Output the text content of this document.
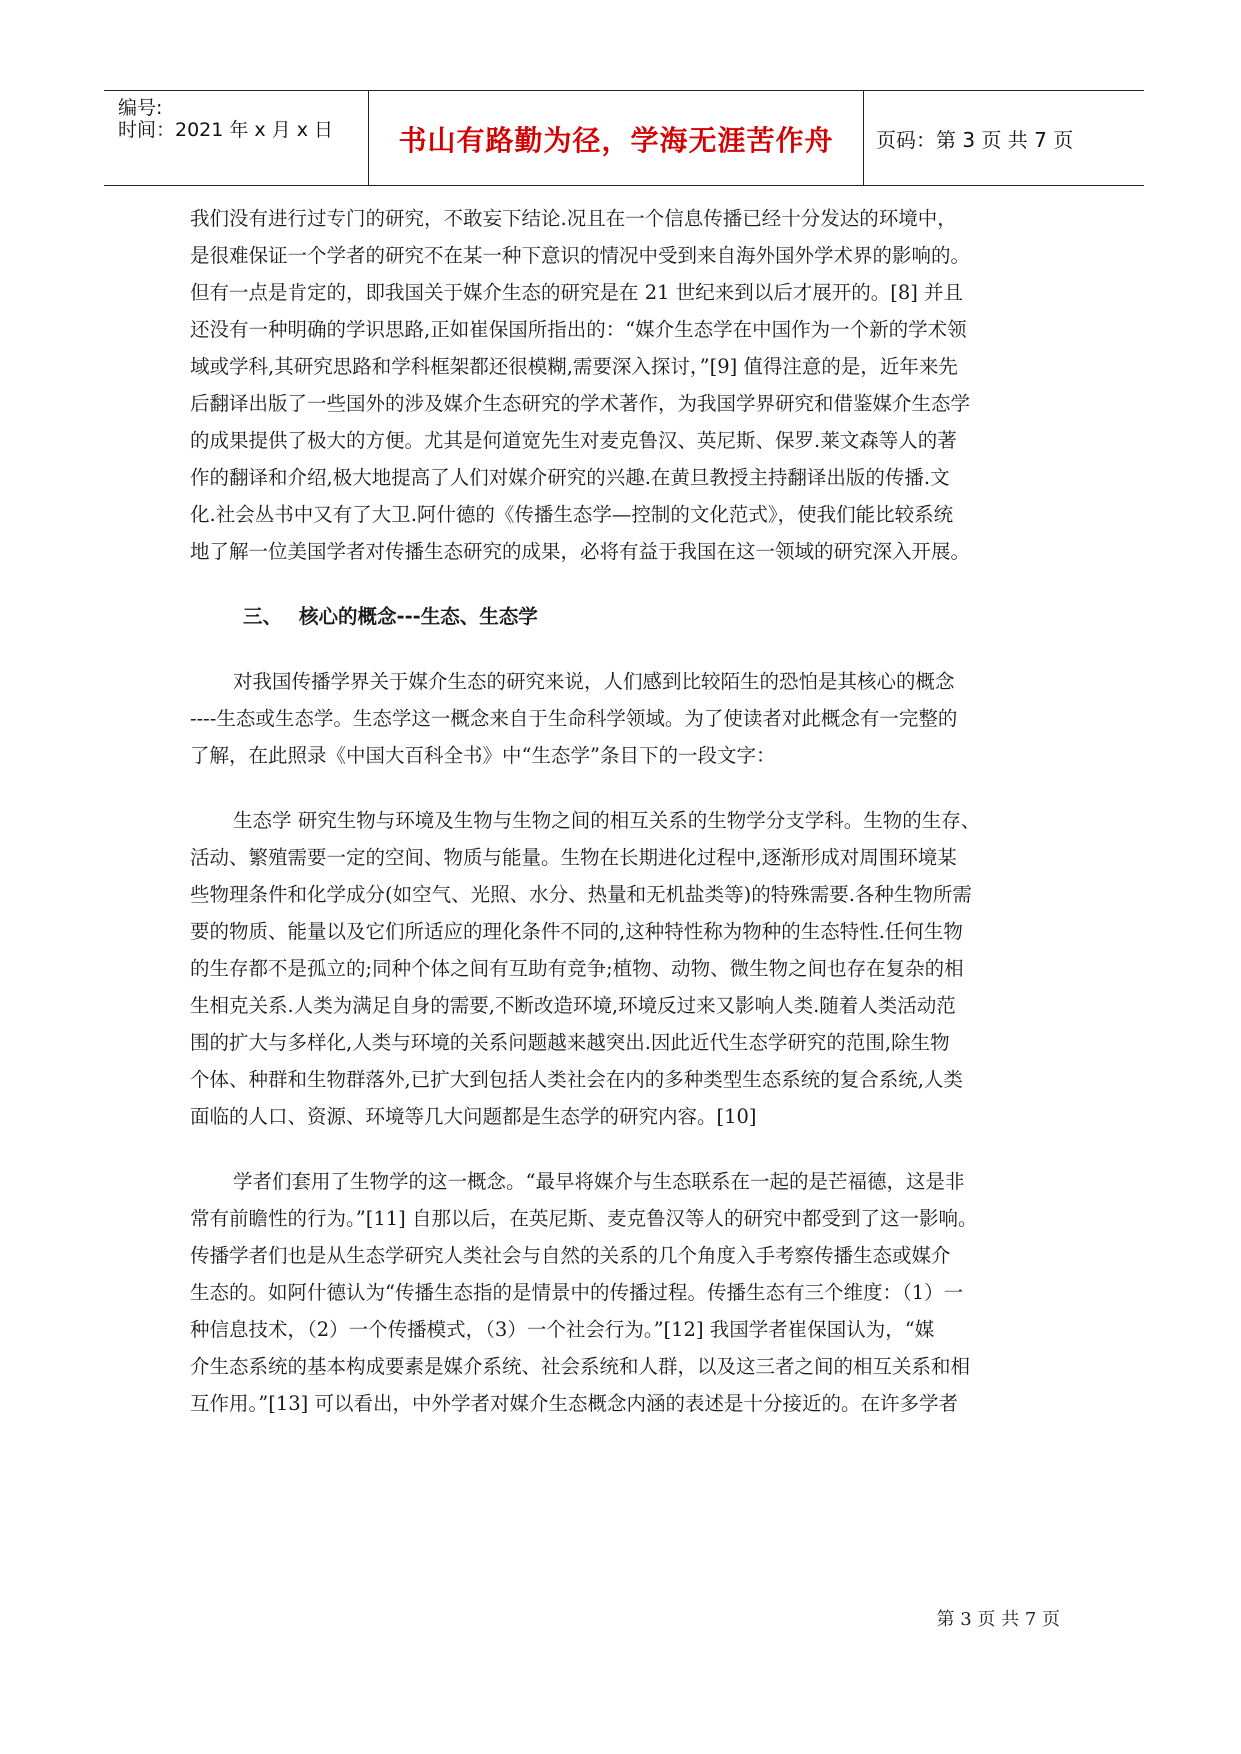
编号:
时间：2021 年 x 月 x 日	书山有路勤为径，学海无涯苦作舟	页码：第 3 页 共 7 页
我们没有进行过专门的研究，不敢妄下结论.况且在一个信息传播已经十分发达的环境中，
是很难保证一个学者的研究不在某一种下意识的情况中受到来自海外国外学术界的影响的。
但有一点是肯定的，即我国关于媒介生态的研究是在 21 世纪来到以后才展开的。[8] 并且
还没有一种明确的学识思路,正如崔保国所指出的：“媒介生态学在中国作为一个新的学术领
域或学科,其研究思路和学科框架都还很模糊,需要深入探讨，”[9] 值得注意的是，近年来先
后翻译出版了一些国外的涉及媒介生态研究的学术著作，为我国学界研究和借鉴媒介生态学
的成果提供了极大的方便。尤其是何道宽先生对麦克鲁汉、英尼斯、保罗.莱文森等人的著
作的翻译和介绍,极大地提高了人们对媒介研究的兴趣.在黄旦教授主持翻译出版的传播.文
化.社会丛书中又有了大卫.阿什德的《传播生态学—控制的文化范式》，使我们能比较系统
地了解一位美国学者对传播生态研究的成果，必将有益于我国在这一领域的研究深入开展。
三、 核心的概念---生态、生态学
对我国传播学界关于媒介生态的研究来说，人们感到比较陌生的恐怕是其核心的概念
----生态或生态学。生态学这一概念来自于生命科学领域。为了使读者对此概念有一完整的
了解，在此照录《中国大百科全书》中“生态学”条目下的一段文字：
生态学 研究生物与环境及生物与生物之间的相互关系的生物学分支学科。生物的生存、
活动、繁殖需要一定的空间、物质与能量。生物在长期进化过程中,逐渐形成对周围环境某
些物理条件和化学成分(如空气、光照、水分、热量和无机盐类等)的特殊需要.各种生物所需
要的物质、能量以及它们所适应的理化条件不同的,这种特性称为物种的生态特性.任何生物
的生存都不是孤立的;同种个体之间有互助有竞争;植物、动物、微生物之间也存在复杂的相
生相克关系.人类为满足自身的需要,不断改造环境,环境反过来又影响人类.随着人类活动范
围的扩大与多样化,人类与环境的关系问题越来越突出.因此近代生态学研究的范围,除生物
个体、种群和生物群落外,已扩大到包括人类社会在内的多种类型生态系统的复合系统,人类
面临的人口、资源、环境等几大问题都是生态学的研究内容。[10]
学者们套用了生物学的这一概念。“最早将媒介与生态联系在一起的是芒福德，这是非
常有前瞻性的行为。”[11] 自那以后，在英尼斯、麦克鲁汉等人的研究中都受到了这一影响。
传播学者们也是从生态学研究人类社会与自然的关系的几个角度入手考察传播生态或媒介
生态的。如阿什德认为“传播生态指的是情景中的传播过程。传播生态有三个维度：（1）一
种信息技术，（2）一个传播模式，（3）一个社会行为。”[12] 我国学者崔保国认为，“媒
介生态系统的基本构成要素是媒介系统、社会系统和人群，以及这三者之间的相互关系和相
互作用。”[13] 可以看出，中外学者对媒介生态概念内涵的表述是十分接近的。在许多学者
第 3 页 共 7 页
